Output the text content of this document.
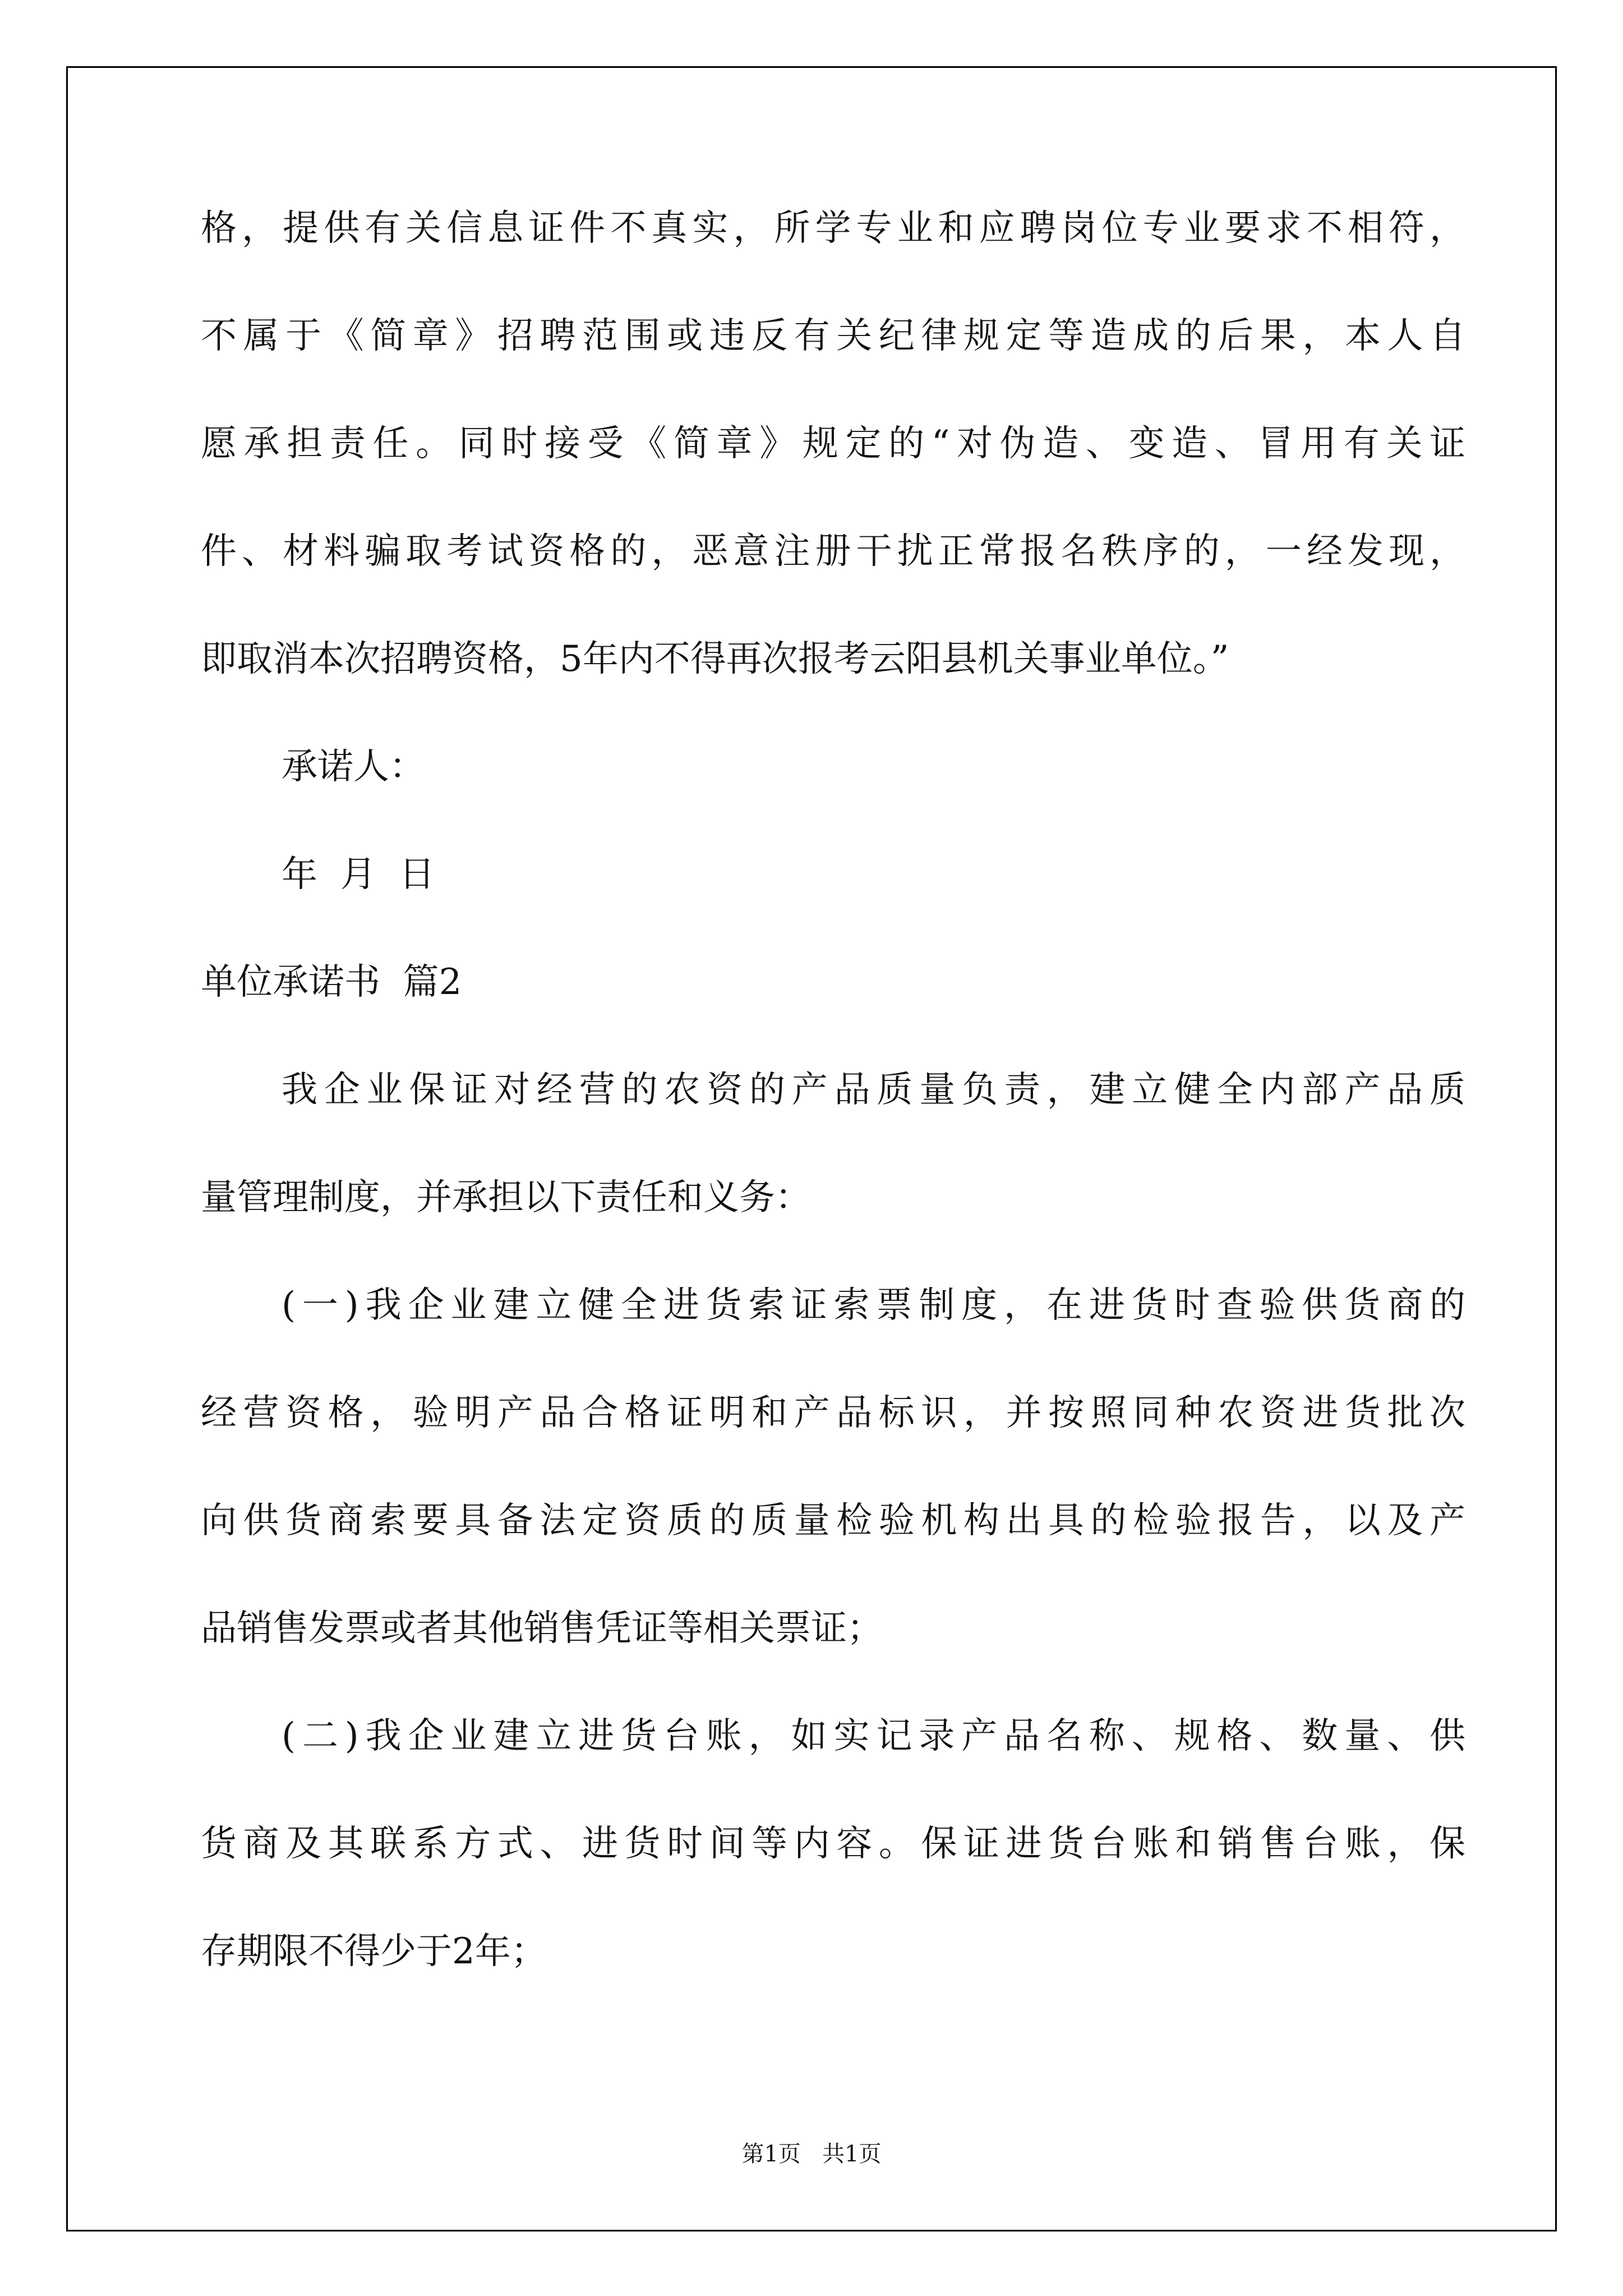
格，提供有关信息证件不真实，所学专业和应聘岗位专业要求不相符，
不属于《简章》招聘范围或违反有关纪律规定等造成的后果，本人自
愿承担责任。同时接受《简章》规定的“对伪造、变造、冒用有关证
件、材料骗取考试资格的，恶意注册干扰正常报名秩序的，一经发现，
即取消本次招聘资格，5年内不得再次报考云阳县机关事业单位。”
承诺人：
年  月  日
单位承诺书  篇2
我企业保证对经营的农资的产品质量负责，建立健全内部产品质
量管理制度，并承担以下责任和义务：
(一)我企业建立健全进货索证索票制度，在进货时查验供货商的
经营资格，验明产品合格证明和产品标识，并按照同种农资进货批次
向供货商索要具备法定资质的质量检验机构出具的检验报告，以及产
品销售发票或者其他销售凭证等相关票证；
(二)我企业建立进货台账，如实记录产品名称、规格、数量、供
货商及其联系方式、进货时间等内容。保证进货台账和销售台账，保
存期限不得少于2年；
第1页   共1页
